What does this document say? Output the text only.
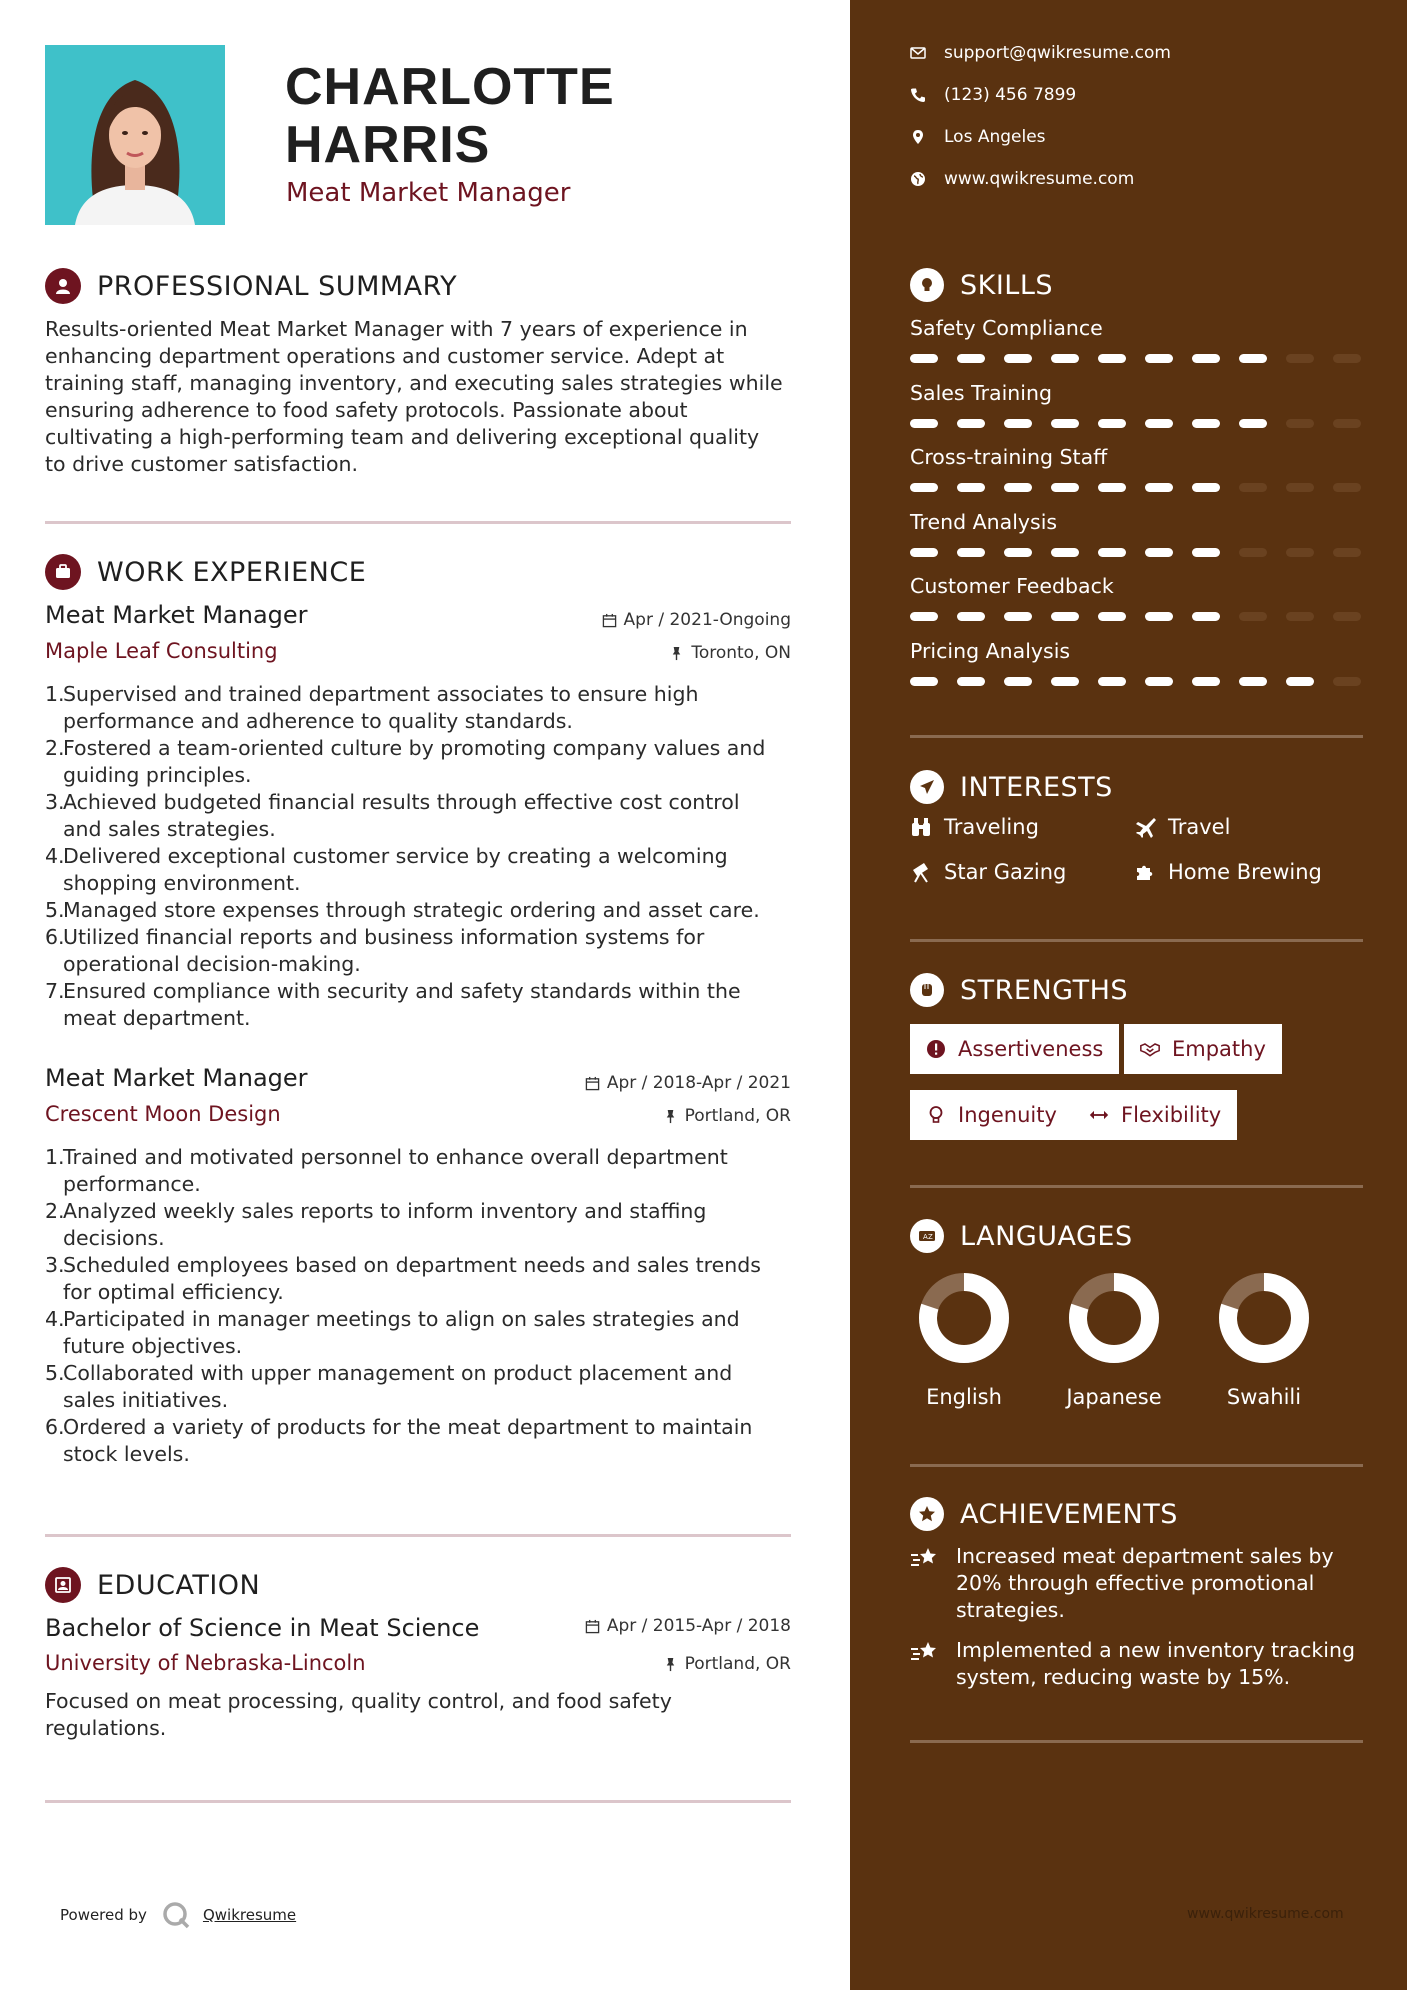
CHARLOTTE
HARRIS
Meat Market Manager
PROFESSIONAL SUMMARY
Results-oriented Meat Market Manager with 7 years of experience in
enhancing department operations and customer service. Adept at
training staff, managing inventory, and executing sales strategies while
ensuring adherence to food safety protocols. Passionate about
cultivating a high-performing team and delivering exceptional quality
to drive customer satisfaction.
WORK EXPERIENCE
Meat Market Manager	Apr / 2021-Ongoing
Maple Leaf Consulting	Toronto, ON
1.
Supervised and trained department associates to ensure high
performance and adherence to quality standards.
2.
Fostered a team-oriented culture by promoting company values and
guiding principles.
3.
Achieved budgeted financial results through effective cost control
and sales strategies.
4.
Delivered exceptional customer service by creating a welcoming
shopping environment.
5.
Managed store expenses through strategic ordering and asset care.
6.
Utilized financial reports and business information systems for
operational decision-making.
7.
Ensured compliance with security and safety standards within the
meat department.
Meat Market Manager	Apr / 2018-Apr / 2021
Crescent Moon Design	Portland, OR
1.
Trained and motivated personnel to enhance overall department
performance.
2.
Analyzed weekly sales reports to inform inventory and staffing
decisions.
3.
Scheduled employees based on department needs and sales trends
for optimal efficiency.
4.
Participated in manager meetings to align on sales strategies and
future objectives.
5.
Collaborated with upper management on product placement and
sales initiatives.
6.
Ordered a variety of products for the meat department to maintain
stock levels.
EDUCATION
Bachelor of Science in Meat Science	Apr / 2015-Apr / 2018
University of Nebraska-Lincoln	Portland, OR
Focused on meat processing, quality control, and food safety
regulations.
Powered by	Qwikresume
support@qwikresume.com
(123) 456 7899
Los Angeles
www.qwikresume.com
SKILLS
Safety Compliance
Sales Training
Cross-training Staff
Trend Analysis
Customer Feedback
Pricing Analysis
INTERESTS
Traveling	Travel
Star Gazing	Home Brewing
STRENGTHS
Assertiveness	Empathy
Ingenuity	Flexibility
A Z LANGUAGES
English	Japanese	Swahili
ACHIEVEMENTS
Increased meat department sales by
20% through effective promotional
strategies.
Implemented a new inventory tracking
system, reducing waste by 15%.
www.qwikresume.com
